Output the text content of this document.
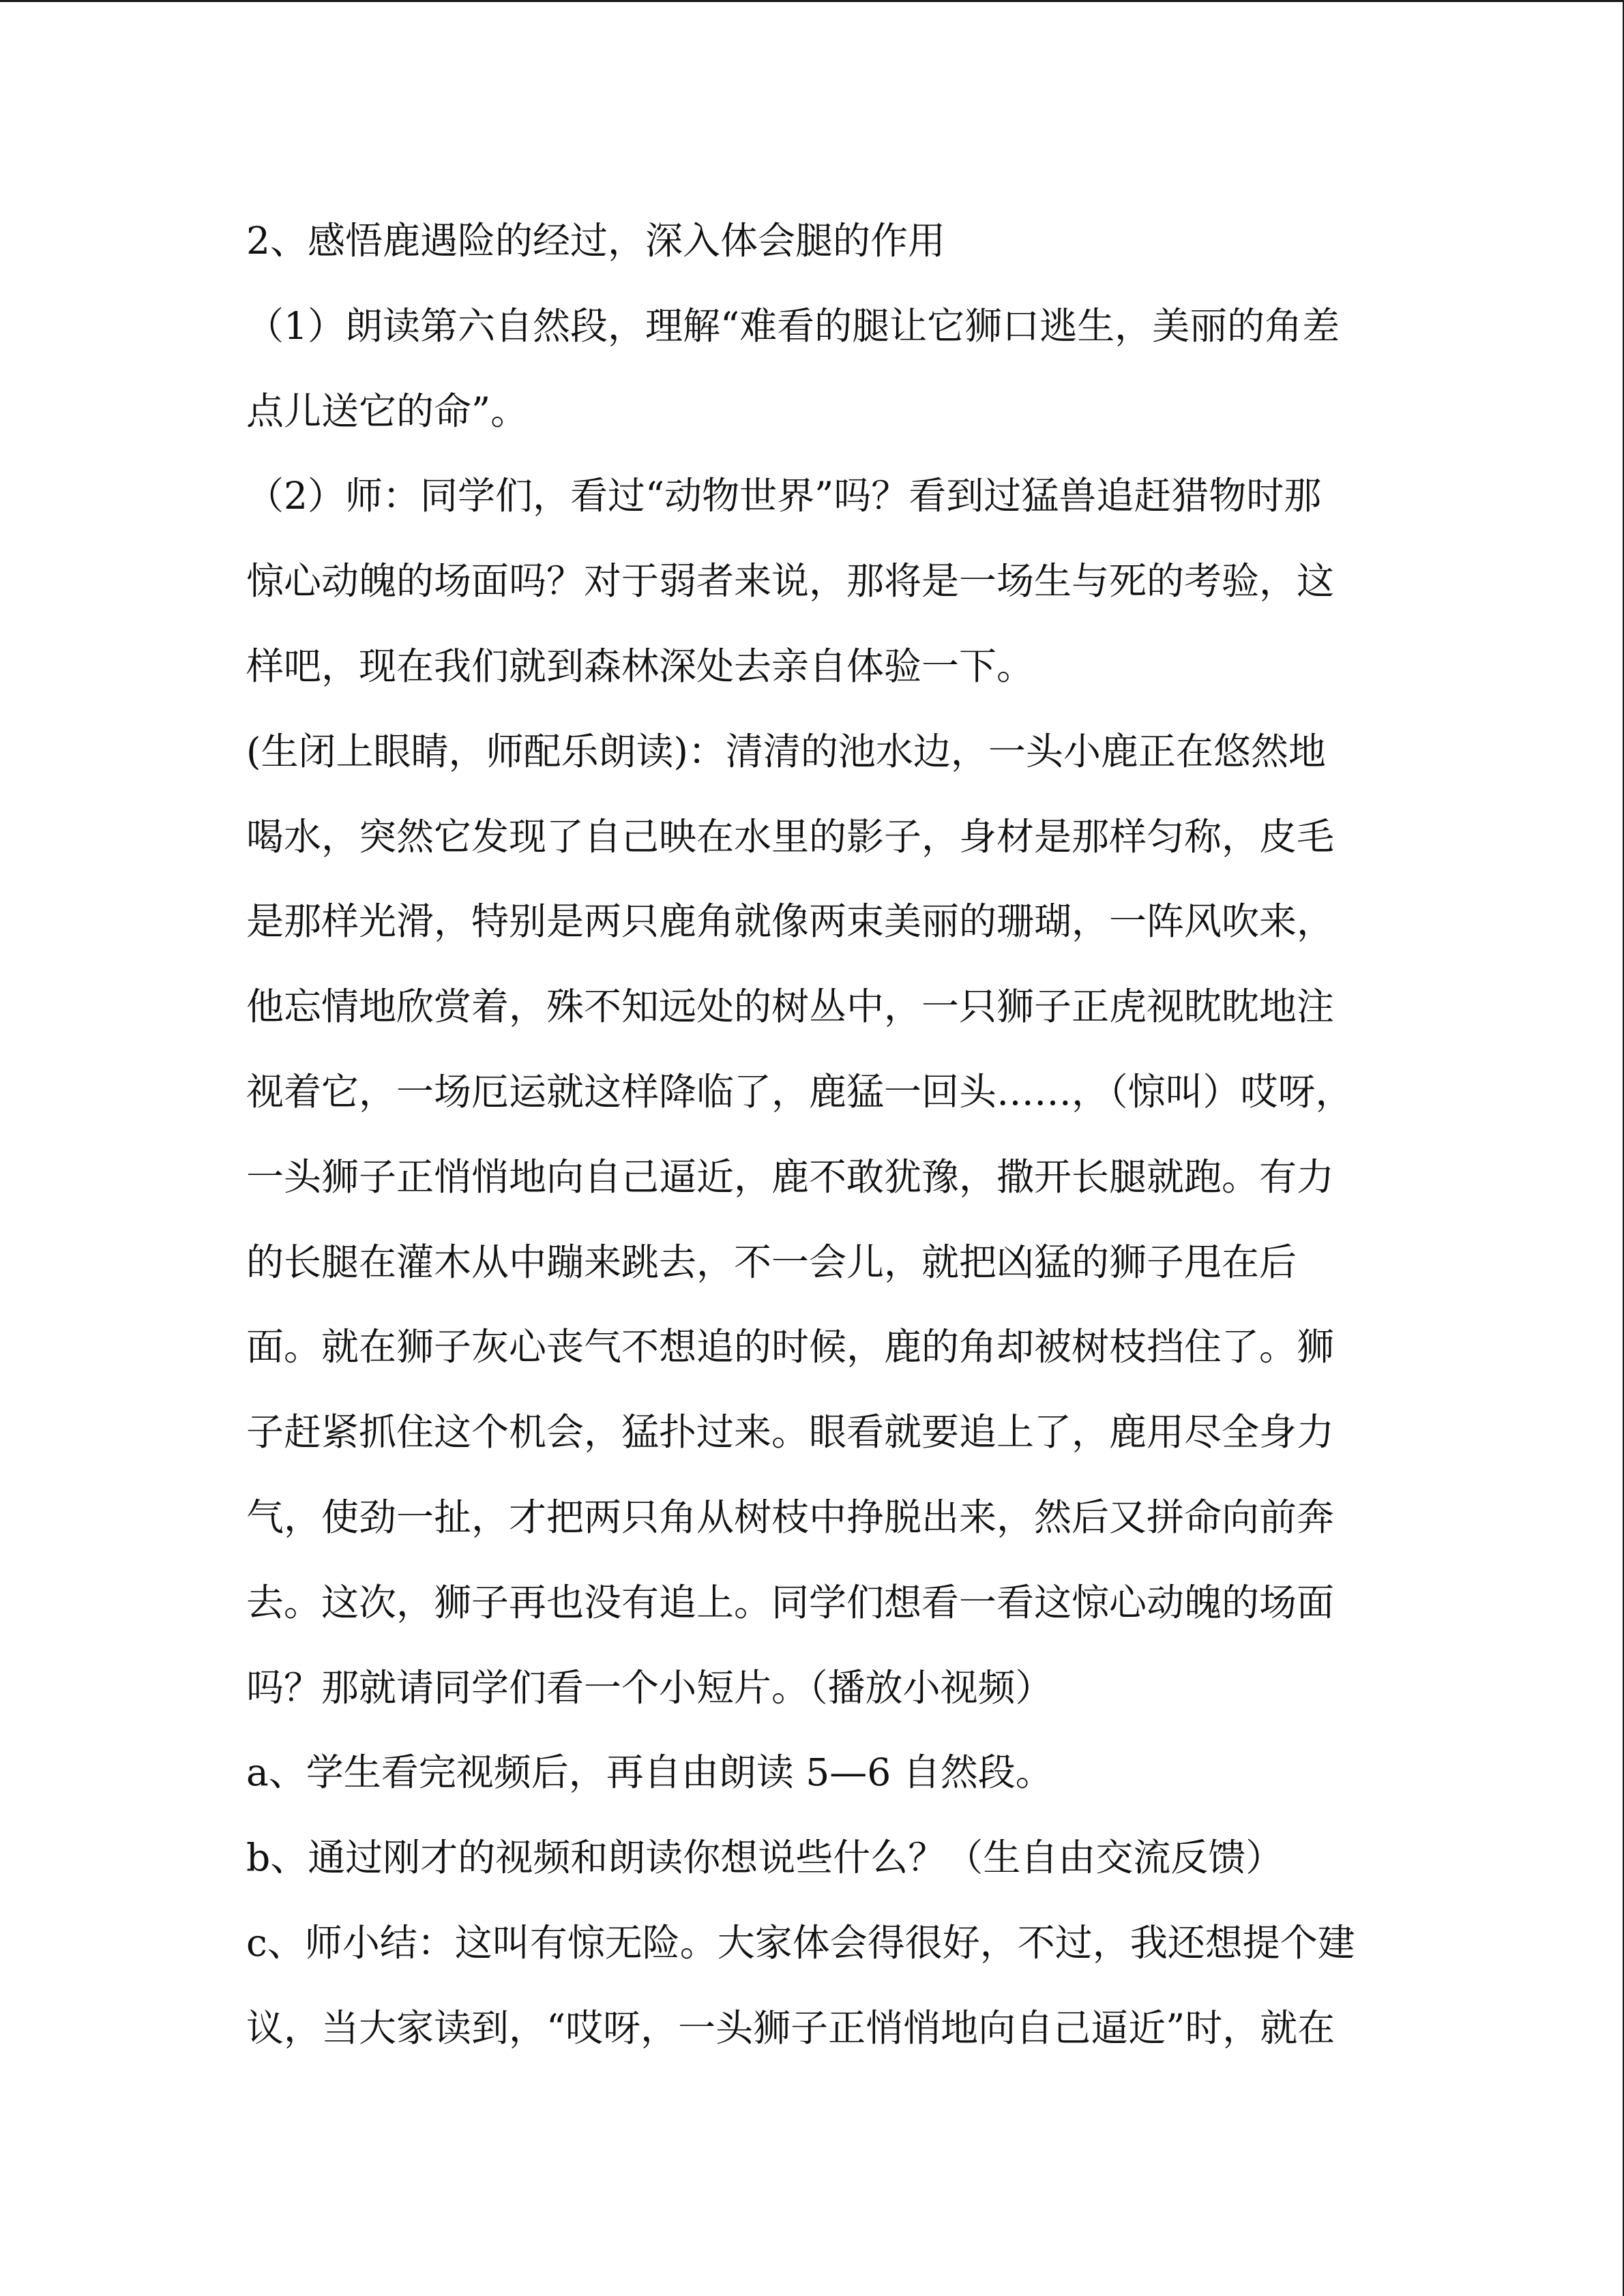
2、感悟鹿遇险的经过，深入体会腿的作用
（1）朗读第六自然段，理解“难看的腿让它狮口逃生，美丽的角差
点儿送它的命”。
（2）师：同学们，看过“动物世界”吗？看到过猛兽追赶猎物时那
惊心动魄的场面吗？对于弱者来说，那将是一场生与死的考验，这
样吧，现在我们就到森林深处去亲自体验一下。
(生闭上眼睛，师配乐朗读)：清清的池水边，一头小鹿正在悠然地
喝水，突然它发现了自己映在水里的影子，身材是那样匀称，皮毛
是那样光滑，特别是两只鹿角就像两束美丽的珊瑚，一阵风吹来，
他忘情地欣赏着，殊不知远处的树丛中，一只狮子正虎视眈眈地注
视着它，一场厄运就这样降临了，鹿猛一回头……，（惊叫）哎呀，
一头狮子正悄悄地向自己逼近，鹿不敢犹豫，撒开长腿就跑。有力
的长腿在灌木从中蹦来跳去，不一会儿，就把凶猛的狮子甩在后
面。就在狮子灰心丧气不想追的时候，鹿的角却被树枝挡住了。狮
子赶紧抓住这个机会，猛扑过来。眼看就要追上了，鹿用尽全身力
气，使劲一扯，才把两只角从树枝中挣脱出来，然后又拼命向前奔
去。这次，狮子再也没有追上。同学们想看一看这惊心动魄的场面
吗？那就请同学们看一个小短片。（播放小视频）
a、学生看完视频后，再自由朗读 5—6 自然段。
b、通过刚才的视频和朗读你想说些什么？（生自由交流反馈）
c、师小结：这叫有惊无险。大家体会得很好，不过，我还想提个建
议，当大家读到，“哎呀，一头狮子正悄悄地向自己逼近”时，就在
